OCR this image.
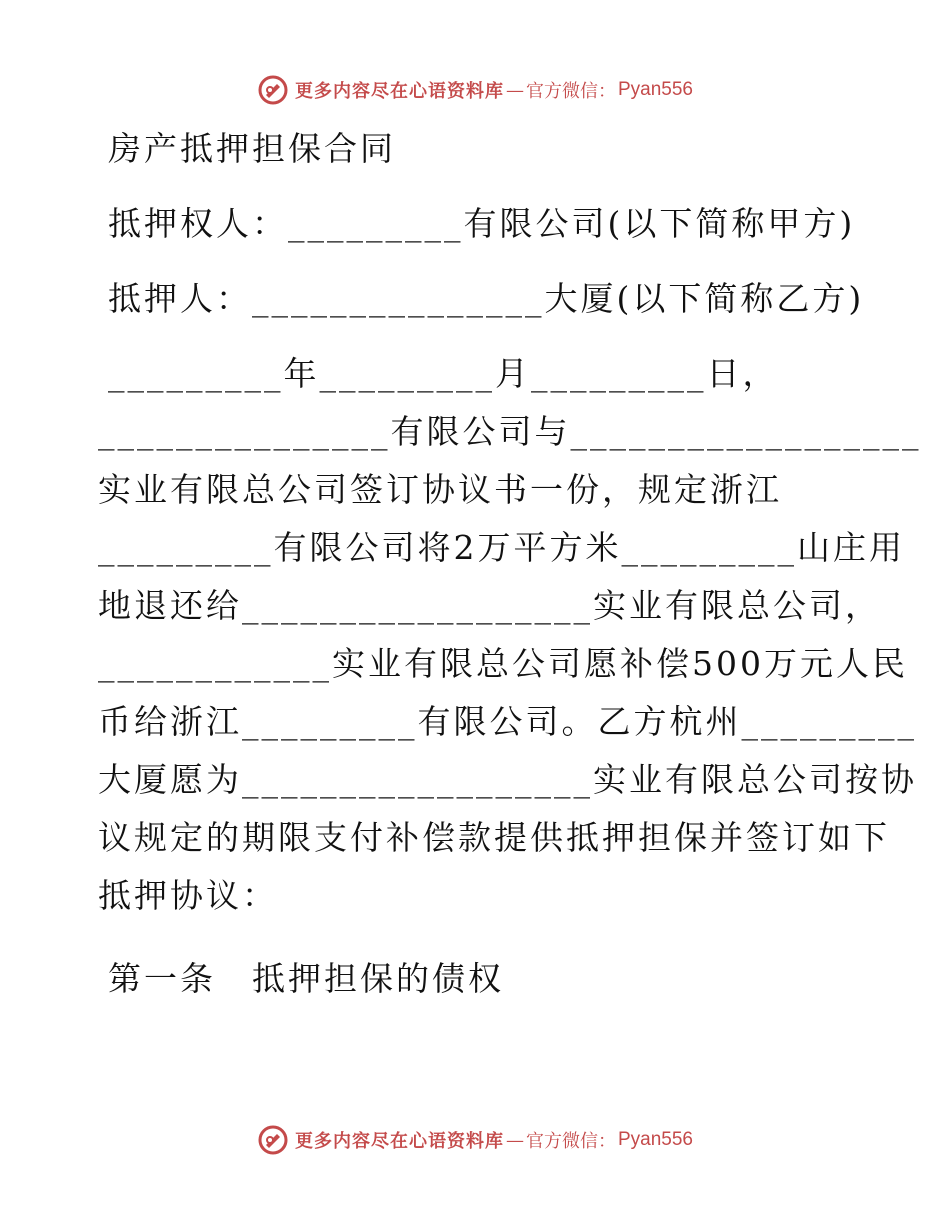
更多内容尽在心语资料库 — 官方微信： Pyan556
房产抵押担保合同
抵押权人：_________有限公司(以下简称甲方)
抵押人：_______________大厦(以下简称乙方)
_________年_________月_________日，
_______________有限公司与__________________
实业有限总公司签订协议书一份，规定浙江
_________有限公司将2万平方米_________山庄用
地退还给__________________实业有限总公司，
____________实业有限总公司愿补偿500万元人民
币给浙江_________有限公司。乙方杭州_________
大厦愿为__________________实业有限总公司按协
议规定的期限支付补偿款提供抵押担保并签订如下
抵押协议：
第一条　抵押担保的债权
更多内容尽在心语资料库 — 官方微信： Pyan556
